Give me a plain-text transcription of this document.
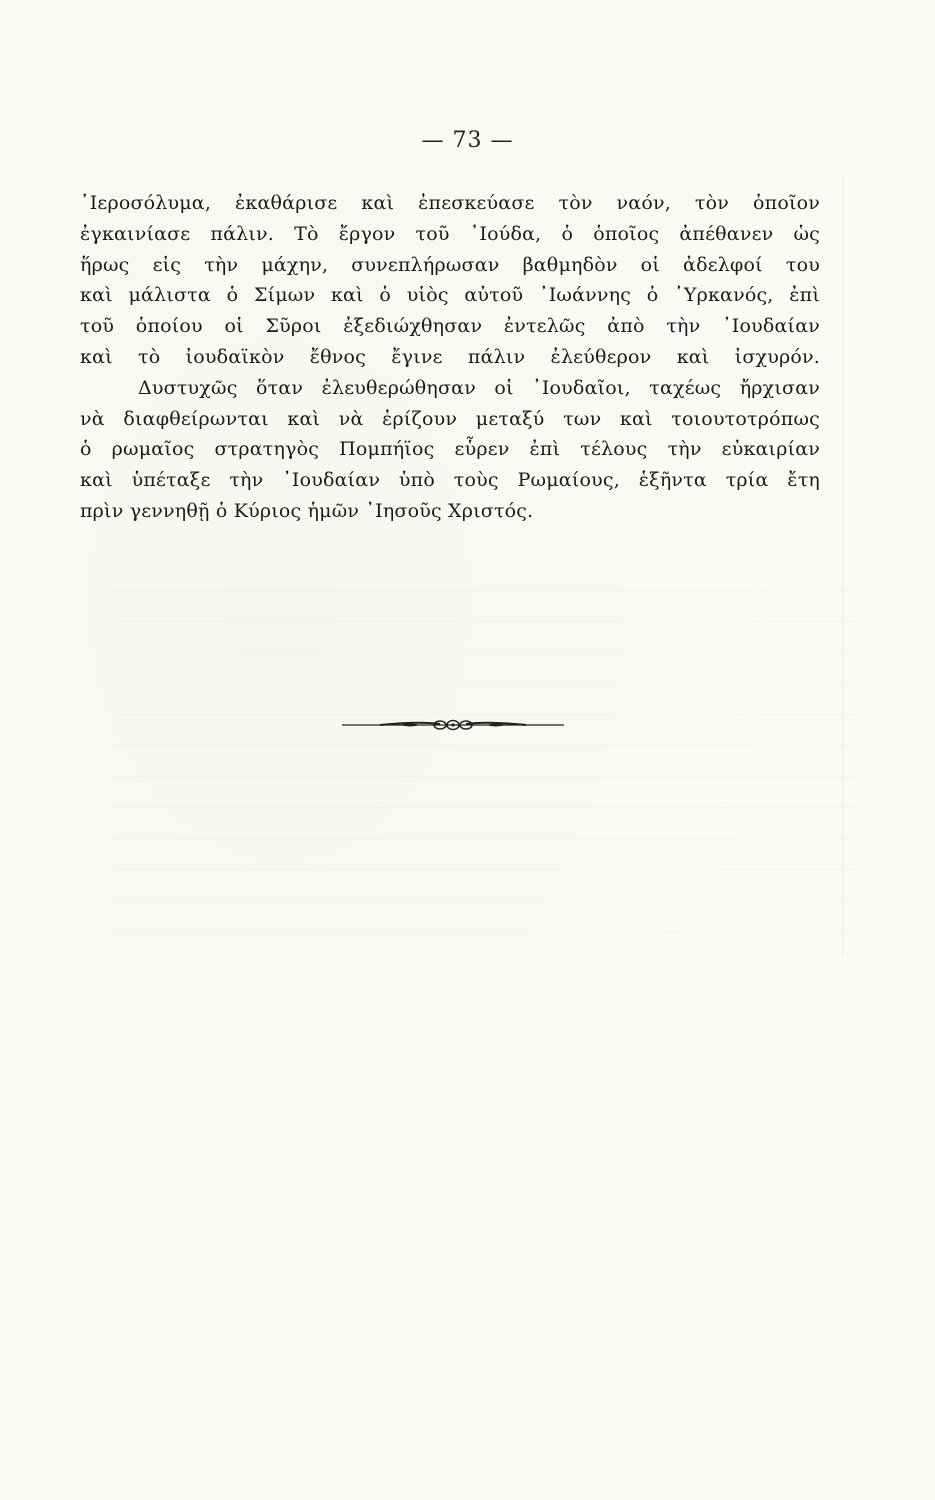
— 73 —
῾Ιεροσόλυμα, ἐκαθάρισε καὶ ἐπεσκεύασε τὸν ναόν, τὸν ὁποῖον
ἐγκαινίασε πάλιν. Τὸ ἔργον τοῦ ᾿Ιούδα, ὁ ὁποῖος ἀπέθανεν ὡς
ἥρως εἰς τὴν μάχην, συνεπλήρωσαν βαθμηδὸν οἱ ἀδελφοί του
καὶ μάλιστα ὁ Σίμων καὶ ὁ υἱὸς αὐτοῦ ᾿Ιωάννης ὁ ῾Υρκανός, ἐπὶ
τοῦ ὁποίου οἱ Σῦροι ἐξεδιώχθησαν ἐντελῶς ἀπὸ τὴν ᾿Ιουδαίαν
καὶ τὸ ἰουδαϊκὸν ἔθνος ἔγινε πάλιν ἐλεύθερον καὶ ἰσχυρόν.
Δυστυχῶς ὅταν ἐλευθερώθησαν οἱ ᾿Ιουδαῖοι, ταχέως ἤρχισαν
νὰ διαφθείρωνται καὶ νὰ ἐρίζουν μεταξύ των καὶ τοιουτοτρόπως
ὁ ρωμαῖος στρατηγὸς Πομπήϊος εὗρεν ἐπὶ τέλους τὴν εὐκαιρίαν
καὶ ὑπέταξε τὴν ᾿Ιουδαίαν ὑπὸ τοὺς Ρωμαίους, ἑξῆντα τρία ἔτη
πρὶν γεννηθῇ ὁ Κύριος ἡμῶν ᾿Ιησοῦς Χριστός.
